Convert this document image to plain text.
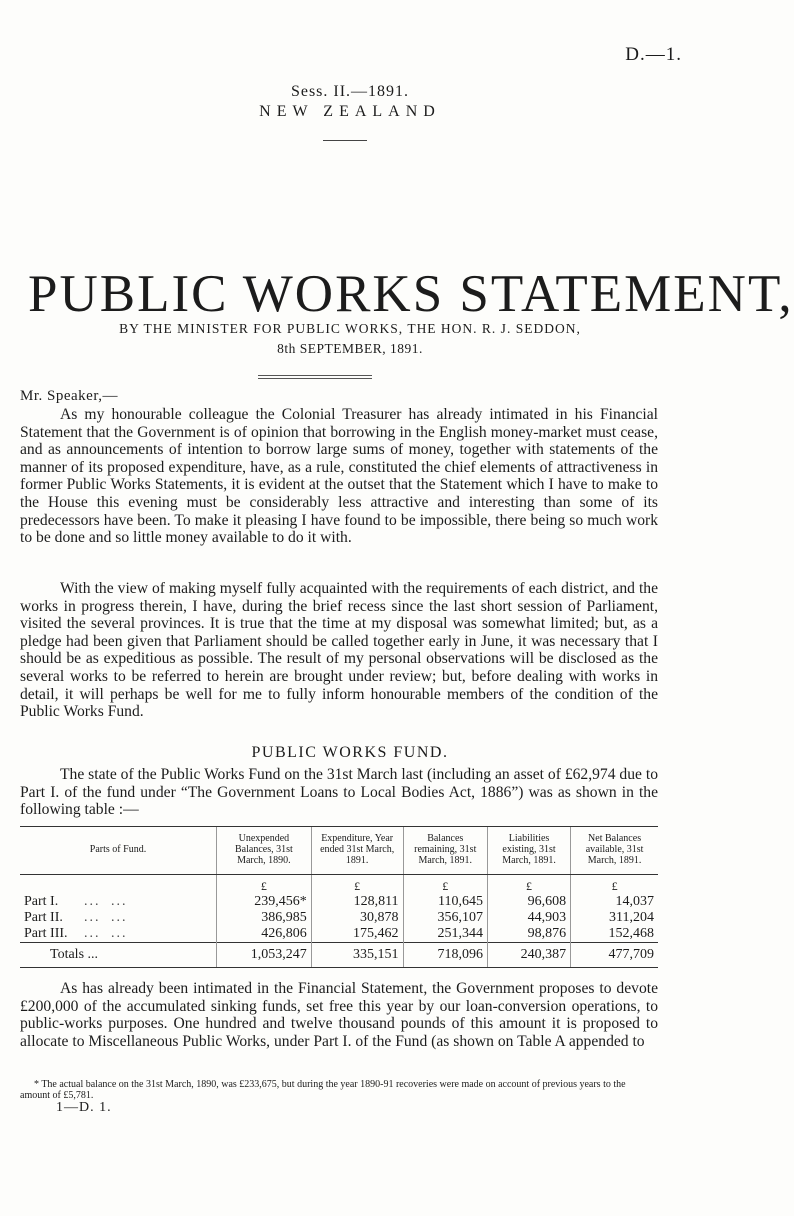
D.—1.
Sess. II.—1891.
NEW ZEALAND
PUBLIC WORKS STATEMENT,
BY THE MINISTER FOR PUBLIC WORKS, THE HON. R. J. SEDDON,
8th SEPTEMBER, 1891.
Mr. Speaker,—

As my honourable colleague the Colonial Treasurer has already intimated in his Financial Statement that the Government is of opinion that borrowing in the English money-market must cease, and as announcements of intention to borrow large sums of money, together with statements of the manner of its proposed expenditure, have, as a rule, constituted the chief elements of attractiveness in former Public Works Statements, it is evident at the outset that the Statement which I have to make to the House this evening must be considerably less attractive and interesting than some of its predecessors have been. To make it pleasing I have found to be impossible, there being so much work to be done and so little money available to do it with.

With the view of making myself fully acquainted with the requirements of each district, and the works in progress therein, I have, during the brief recess since the last short session of Parliament, visited the several provinces. It is true that the time at my disposal was somewhat limited; but, as a pledge had been given that Parliament should be called together early in June, it was necessary that I should be as expeditious as possible. The result of my personal observations will be disclosed as the several works to be referred to herein are brought under review; but, before dealing with works in detail, it will perhaps be well for me to fully inform honourable members of the condition of the Public Works Fund.

PUBLIC WORKS FUND.

The state of the Public Works Fund on the 31st March last (including an asset of £62,974 due to Part I. of the fund under “The Government Loans to Local Bodies Act, 1886”) was as shown in the following table :—

Parts of Fund.	Unexpended Balances, 31st March, 1890.	Expenditure, Year ended 31st March, 1891.	Balances remaining, 31st March, 1891.	Liabilities existing, 31st March, 1891.	Net Balances available, 31st March, 1891.
	£	£	£	£	£
Part I. ... ...	239,456*	128,811	110,645	96,608	14,037
Part II. ... ...	386,985	30,878	356,107	44,903	311,204
Part III. ... ...	426,806	175,462	251,344	98,876	152,468
Totals ...	1,053,247	335,151	718,096	240,387	477,709

As has already been intimated in the Financial Statement, the Government proposes to devote £200,000 of the accumulated sinking funds, set free this year by our loan-conversion operations, to public-works purposes. One hundred and twelve thousand pounds of this amount it is proposed to allocate to Miscellaneous Public Works, under Part I. of the Fund (as shown on Table A appended to

* The actual balance on the 31st March, 1890, was £233,675, but during the year 1890-91 recoveries were made on account of previous years to the amount of £5,781.

1—D. 1.
